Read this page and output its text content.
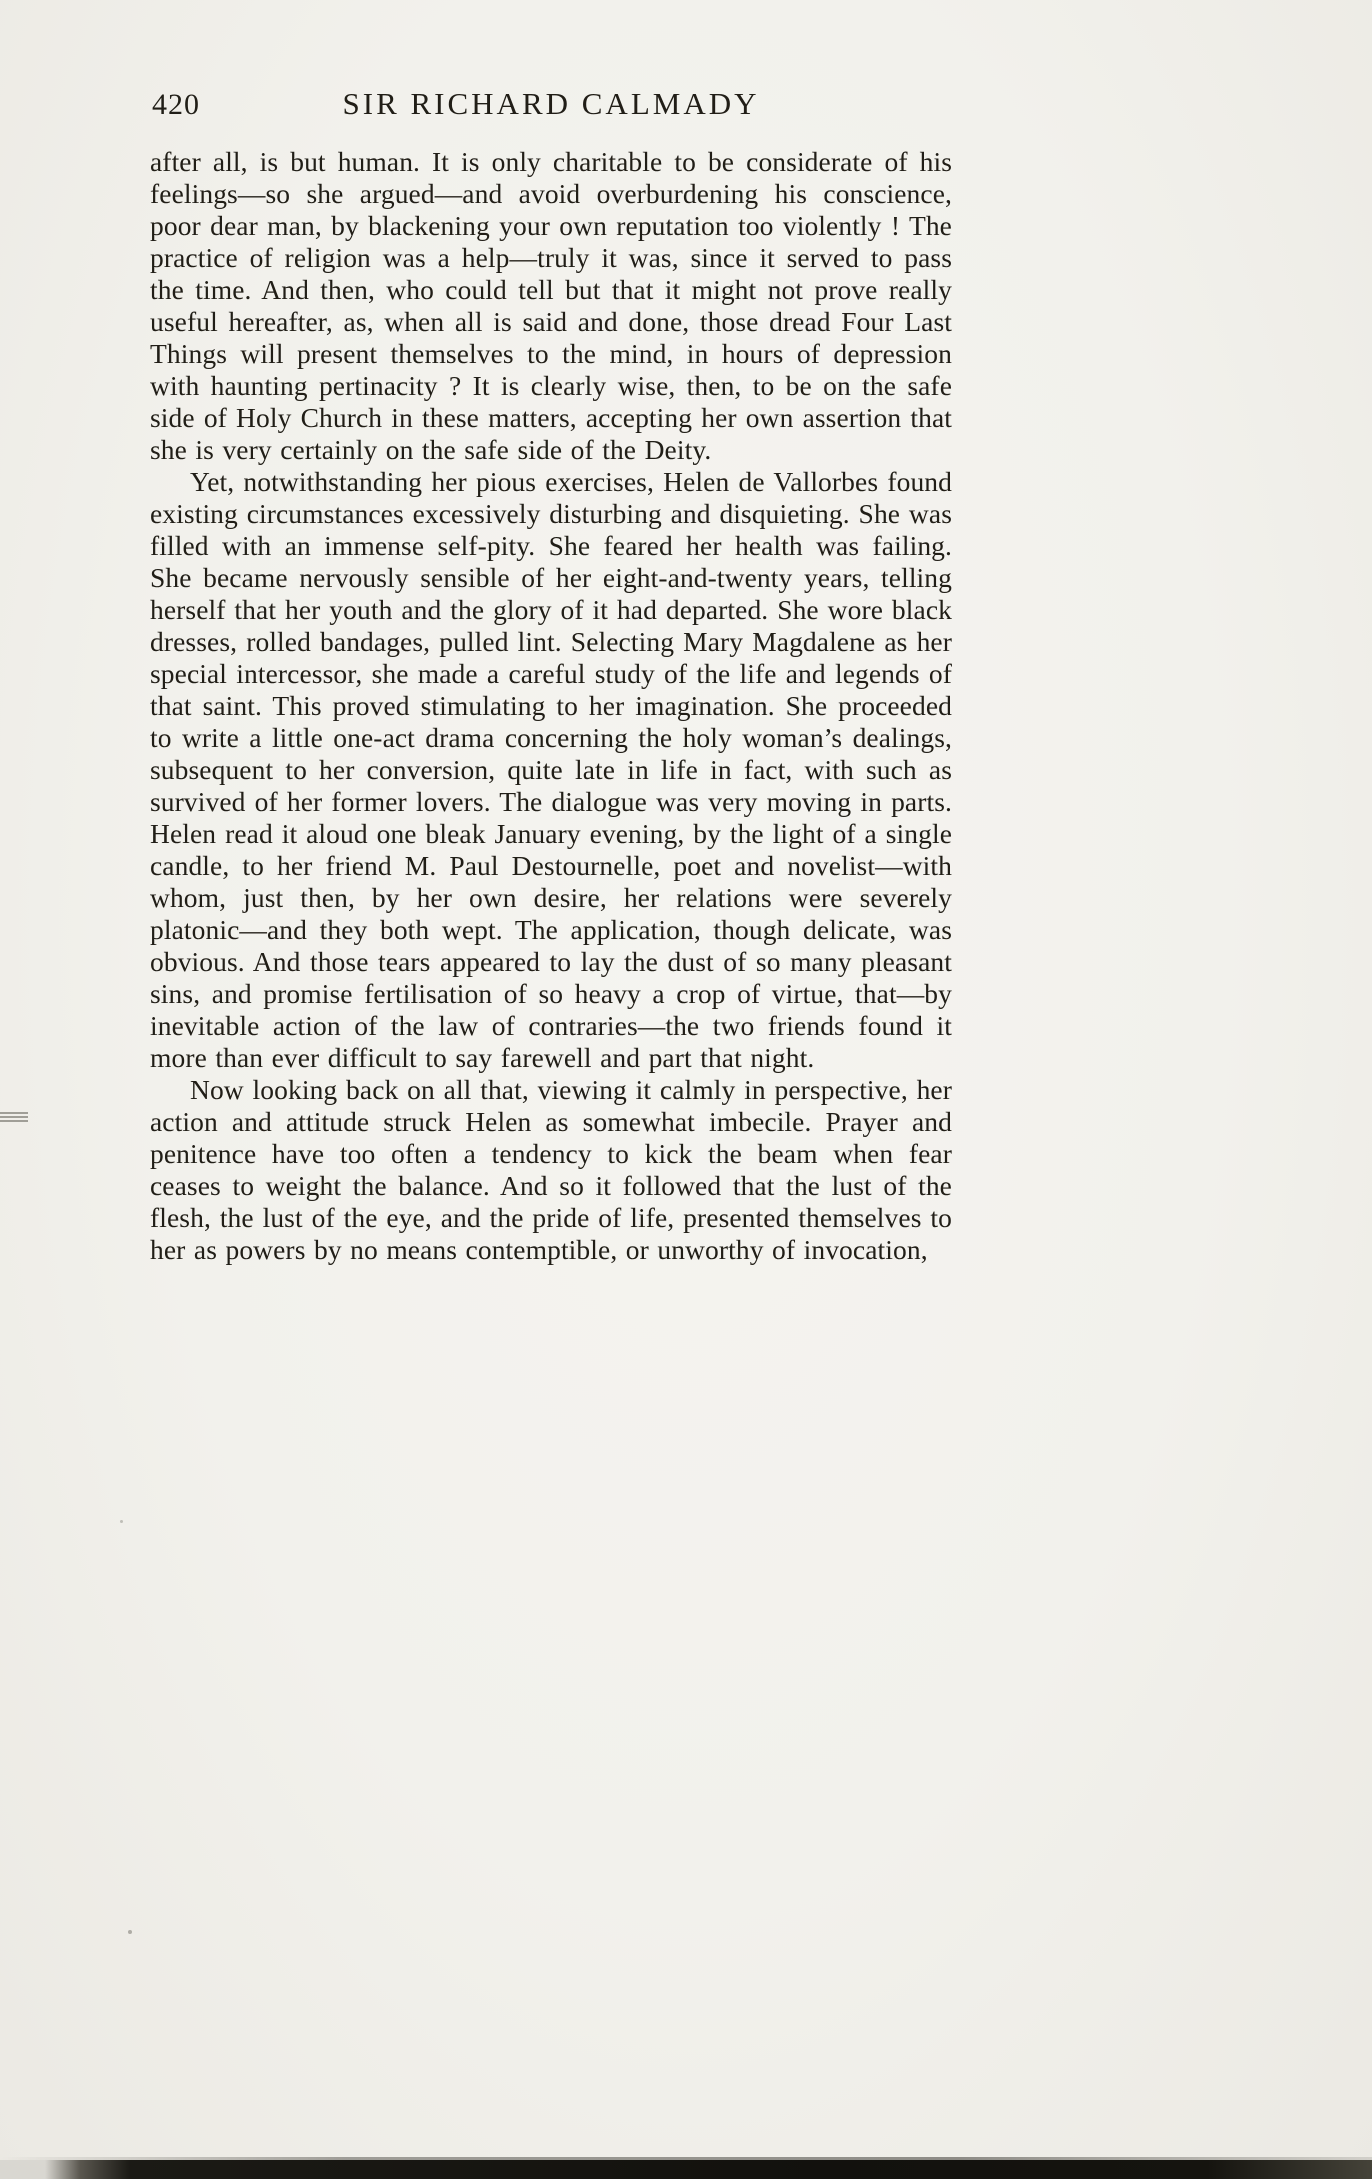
420	SIR RICHARD CALMADY

after all, is but human. It is only charitable to be considerate of his feelings—so she argued—and avoid overburdening his conscience, poor dear man, by blackening your own reputation too violently ! The practice of religion was a help—truly it was, since it served to pass the time. And then, who could tell but that it might not prove really useful hereafter, as, when all is said and done, those dread Four Last Things will present themselves to the mind, in hours of depression with haunting pertinacity ? It is clearly wise, then, to be on the safe side of Holy Church in these matters, accepting her own assertion that she is very certainly on the safe side of the Deity.

Yet, notwithstanding her pious exercises, Helen de Vallorbes found existing circumstances excessively disturbing and disquieting. She was filled with an immense self-pity. She feared her health was failing. She became nervously sensible of her eight-and-twenty years, telling herself that her youth and the glory of it had departed. She wore black dresses, rolled bandages, pulled lint. Selecting Mary Magdalene as her special intercessor, she made a careful study of the life and legends of that saint. This proved stimulating to her imagination. She proceeded to write a little one-act drama concerning the holy woman’s dealings, subsequent to her conversion, quite late in life in fact, with such as survived of her former lovers. The dialogue was very moving in parts. Helen read it aloud one bleak January evening, by the light of a single candle, to her friend M. Paul Destournelle, poet and novelist—with whom, just then, by her own desire, her relations were severely platonic—and they both wept. The application, though delicate, was obvious. And those tears appeared to lay the dust of so many pleasant sins, and promise fertilisation of so heavy a crop of virtue, that—by inevitable action of the law of contraries—the two friends found it more than ever difficult to say farewell and part that night.

Now looking back on all that, viewing it calmly in perspective, her action and attitude struck Helen as somewhat imbecile. Prayer and penitence have too often a tendency to kick the beam when fear ceases to weight the balance. And so it followed that the lust of the flesh, the lust of the eye, and the pride of life, presented themselves to her as powers by no means contemptible, or unworthy of invocation,
